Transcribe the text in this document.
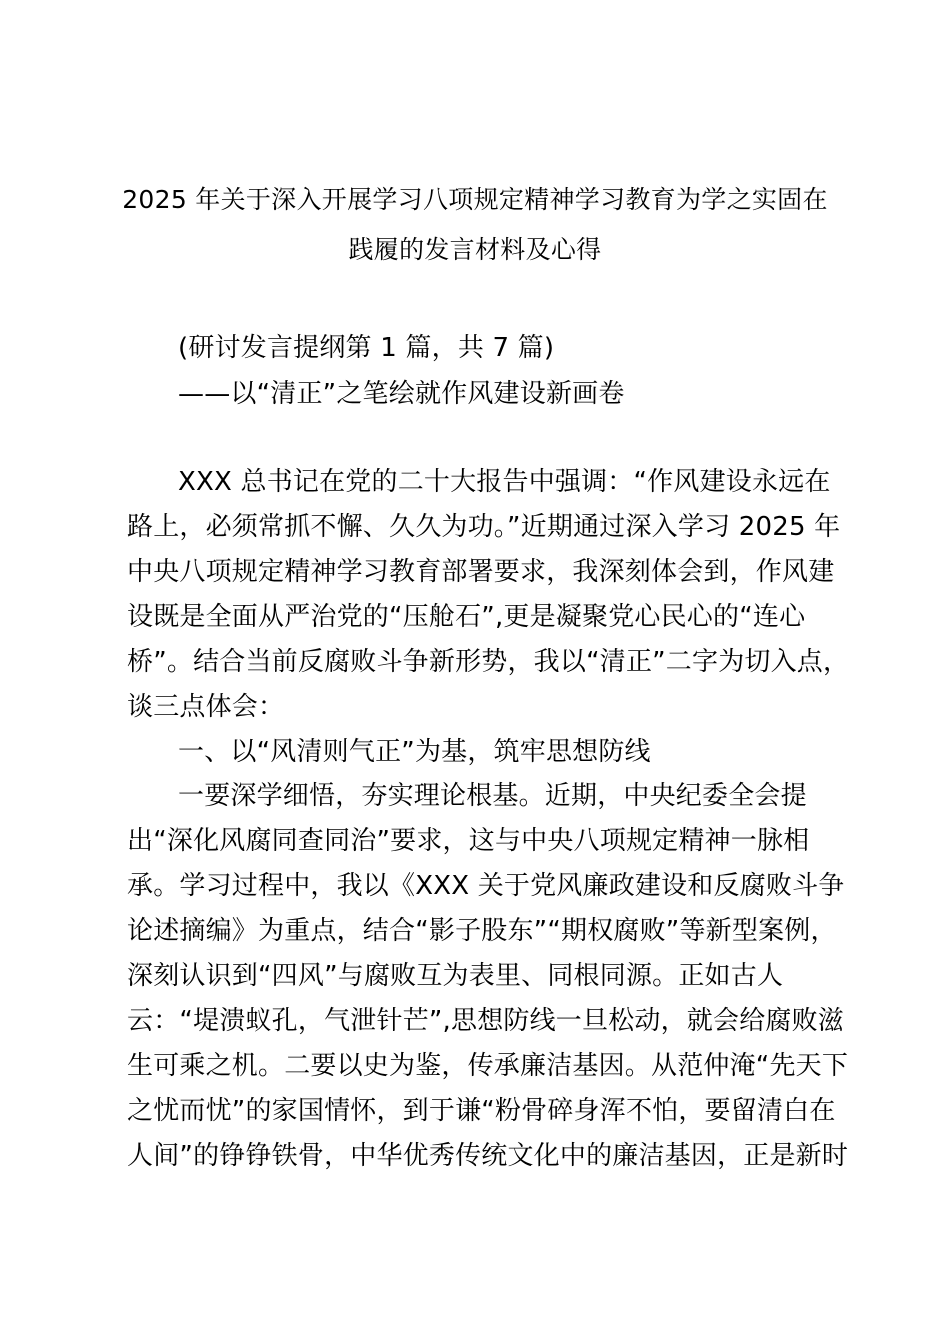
2025 年关于深入开展学习八项规定精神学习教育为学之实固在
践履的发言材料及心得
(研讨发言提纲第 1 篇，共 7 篇)
——以“清正”之笔绘就作风建设新画卷
XXX 总书记在党的二十大报告中强调：“作风建设永远在
路上，必须常抓不懈、久久为功。”近期通过深入学习 2025 年
中央八项规定精神学习教育部署要求，我深刻体会到，作风建
设既是全面从严治党的“压舱石”,更是凝聚党心民心的“连心
桥”。结合当前反腐败斗争新形势，我以“清正”二字为切入点，
谈三点体会：
一、以“风清则气正”为基，筑牢思想防线
一要深学细悟，夯实理论根基。近期，中央纪委全会提
出“深化风腐同查同治”要求，这与中央八项规定精神一脉相
承。学习过程中，我以《XXX 关于党风廉政建设和反腐败斗争
论述摘编》为重点，结合“影子股东”“期权腐败”等新型案例，
深刻认识到“四风”与腐败互为表里、同根同源。正如古人
云：“堤溃蚁孔，气泄针芒”,思想防线一旦松动，就会给腐败滋
生可乘之机。二要以史为鉴，传承廉洁基因。从范仲淹“先天下
之忧而忧”的家国情怀，到于谦“粉骨碎身浑不怕，要留清白在
人间”的铮铮铁骨，中华优秀传统文化中的廉洁基因，正是新时
